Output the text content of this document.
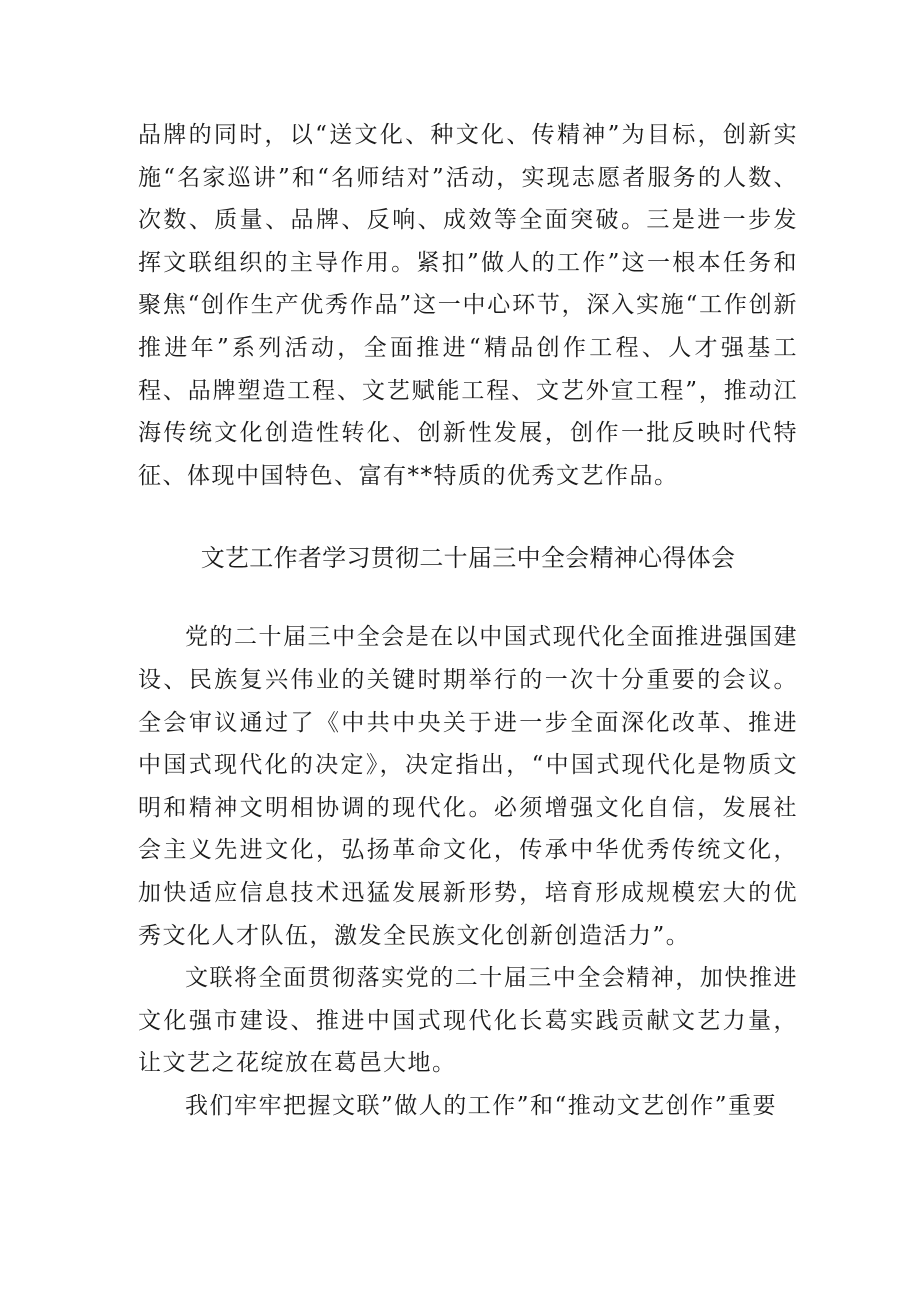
品牌的同时，以“送文化、种文化、传精神”为目标，创新实施“名家巡讲”和“名师结对”活动，实现志愿者服务的人数、次数、质量、品牌、反响、成效等全面突破。三是进一步发挥文联组织的主导作用。紧扣”做人的工作”这一根本任务和聚焦“创作生产优秀作品”这一中心环节，深入实施“工作创新推进年”系列活动，全面推进“精品创作工程、人才强基工程、品牌塑造工程、文艺赋能工程、文艺外宣工程”，推动江海传统文化创造性转化、创新性发展，创作一批反映时代特征、体现中国特色、富有**特质的优秀文艺作品。

文艺工作者学习贯彻二十届三中全会精神心得体会

党的二十届三中全会是在以中国式现代化全面推进强国建设、民族复兴伟业的关键时期举行的一次十分重要的会议。全会审议通过了《中共中央关于进一步全面深化改革、推进中国式现代化的决定》，决定指出，“中国式现代化是物质文明和精神文明相协调的现代化。必须增强文化自信，发展社会主义先进文化，弘扬革命文化，传承中华优秀传统文化，加快适应信息技术迅猛发展新形势，培育形成规模宏大的优秀文化人才队伍，激发全民族文化创新创造活力”。

文联将全面贯彻落实党的二十届三中全会精神，加快推进文化强市建设、推进中国式现代化长葛实践贡献文艺力量，让文艺之花绽放在葛邑大地。

我们牢牢把握文联”做人的工作”和“推动文艺创作”重要
